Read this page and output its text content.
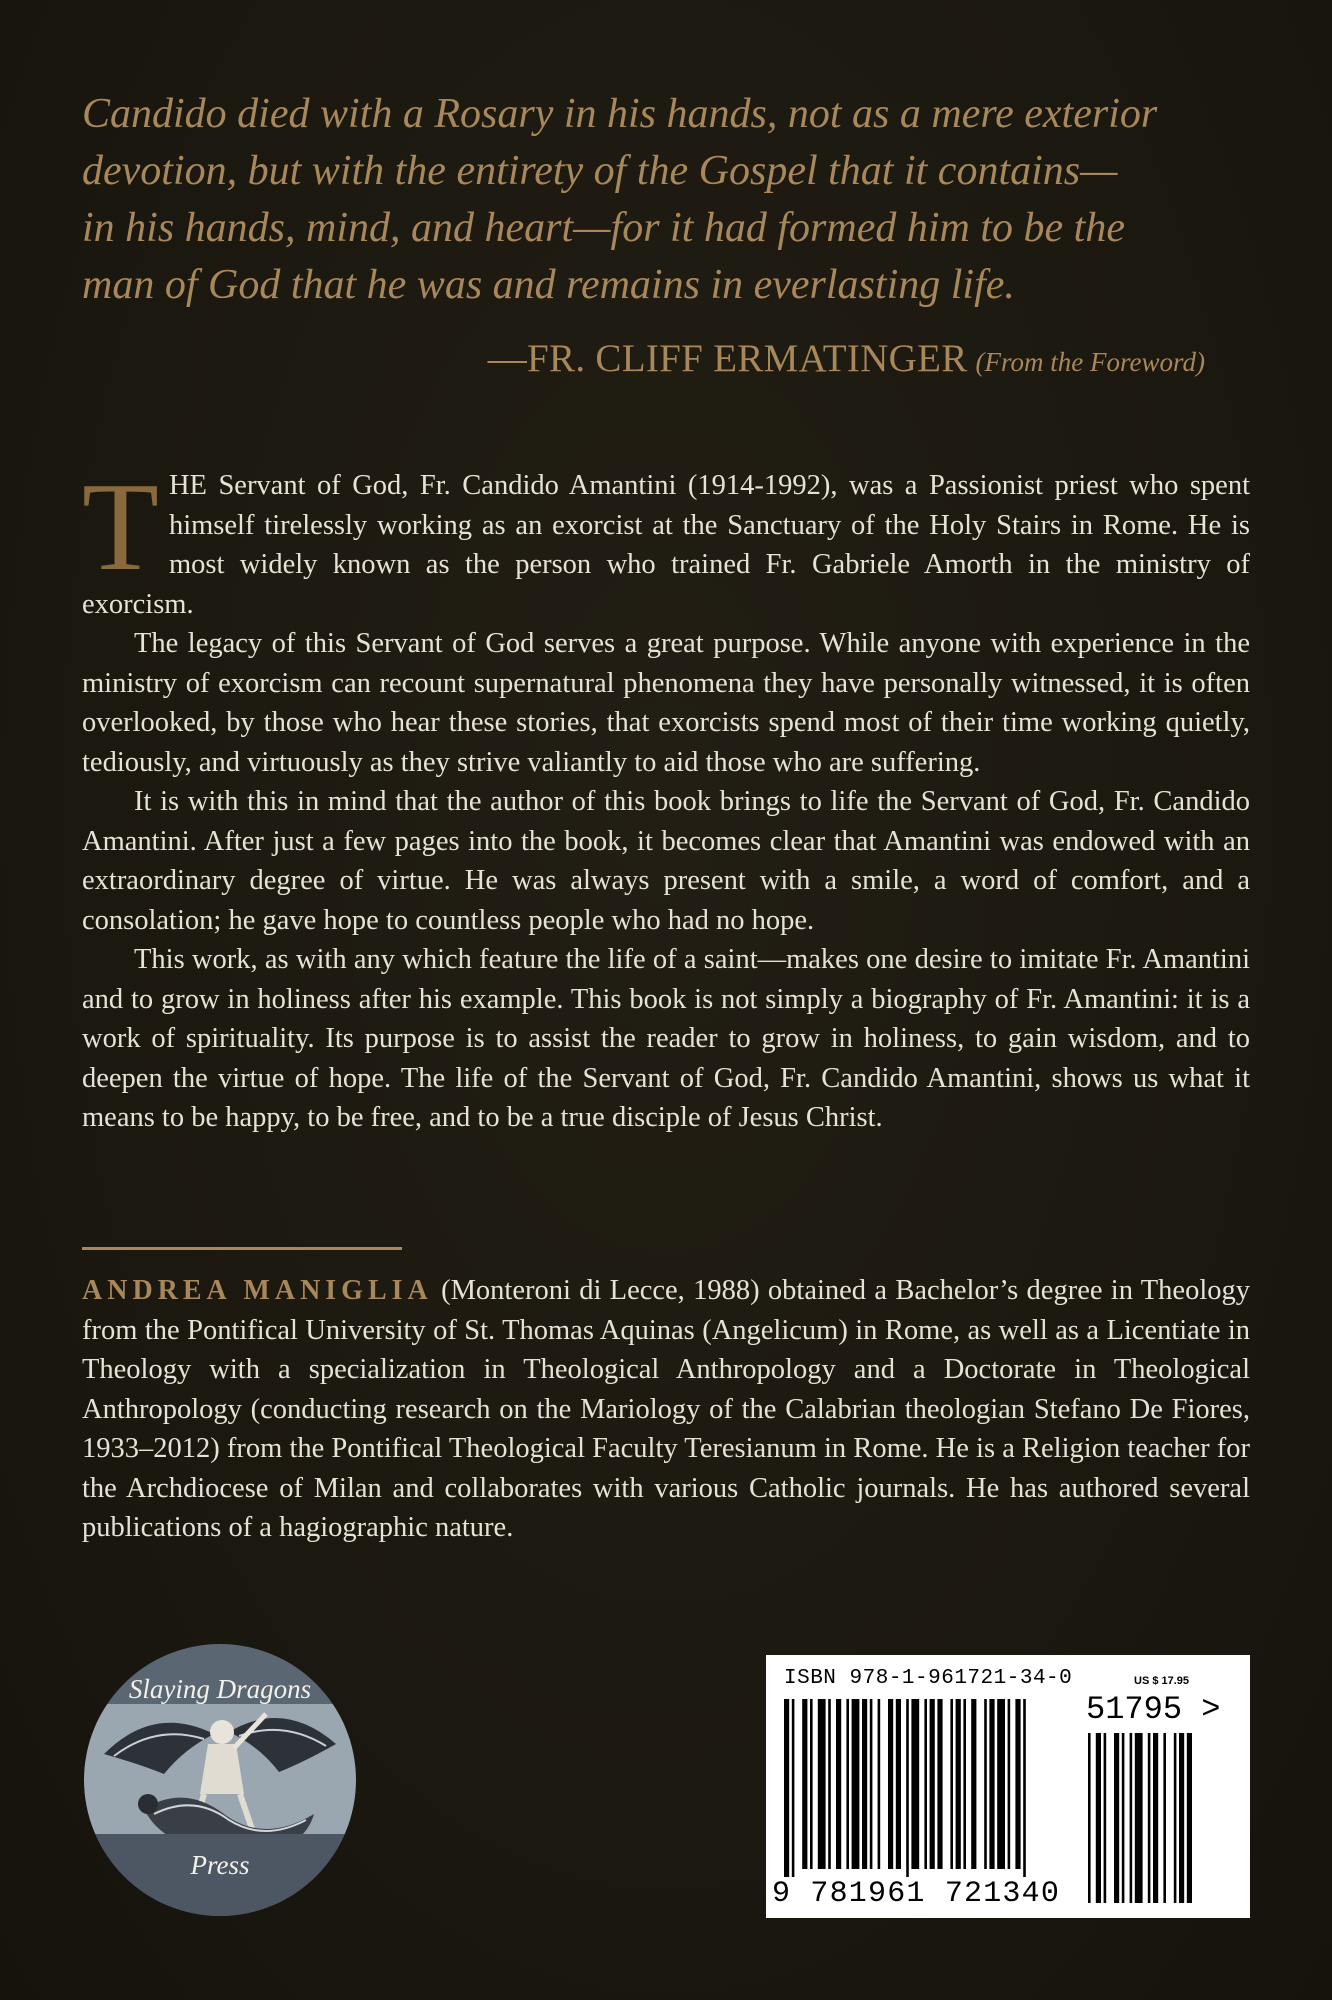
Candido died with a Rosary in his hands, not as a mere exterior
devotion, but with the entirety of the Gospel that it contains—
in his hands, mind, and heart—for it had formed him to be the
man of God that he was and remains in everlasting life.
—FR. CLIFF ERMATINGER (From the Foreword)

T HE Servant of God, Fr. Candido Amantini (1914-1992), was a Passionist priest who spent himself tirelessly working as an exorcist at the Sanctuary of the Holy Stairs in Rome. He is most widely known as the person who trained Fr. Gabriele Amorth in the ministry of exorcism.

The legacy of this Servant of God serves a great purpose. While anyone with experience in the ministry of exorcism can recount supernatural phenomena they have personally witnessed, it is often overlooked, by those who hear these stories, that exorcists spend most of their time working quietly, tediously, and virtuously as they strive valiantly to aid those who are suffering.

It is with this in mind that the author of this book brings to life the Servant of God, Fr. Candido Amantini. After just a few pages into the book, it becomes clear that Amantini was endowed with an extraordinary degree of virtue. He was always present with a smile, a word of comfort, and a consolation; he gave hope to countless people who had no hope.

This work, as with any which feature the life of a saint—makes one desire to imitate Fr. Amantini and to grow in holiness after his example. This book is not simply a biography of Fr. Amantini: it is a work of spirituality. Its purpose is to assist the reader to grow in holiness, to gain wisdom, and to deepen the virtue of hope. The life of the Servant of God, Fr. Candido Amantini, shows us what it means to be happy, to be free, and to be a true disciple of Jesus Christ.

ANDREA MANIGLIA (Monteroni di Lecce, 1988) obtained a Bachelor’s degree in Theology from the Pontifical University of St. Thomas Aquinas (Angelicum) in Rome, as well as a Licentiate in Theology with a specialization in Theological Anthropology and a Doctorate in Theological Anthropology (conducting research on the Mariology of the Calabrian theologian Stefano De Fiores, 1933–2012) from the Pontifical Theological Faculty Teresianum in Rome. He is a Religion teacher for the Archdiocese of Milan and collaborates with various Catholic journals. He has authored several publications of a hagiographic nature.

Slaying Dragons
Press
ISBN 978-1-961721-34-0	US $ 17.95
51795 >
9 781961 721340
